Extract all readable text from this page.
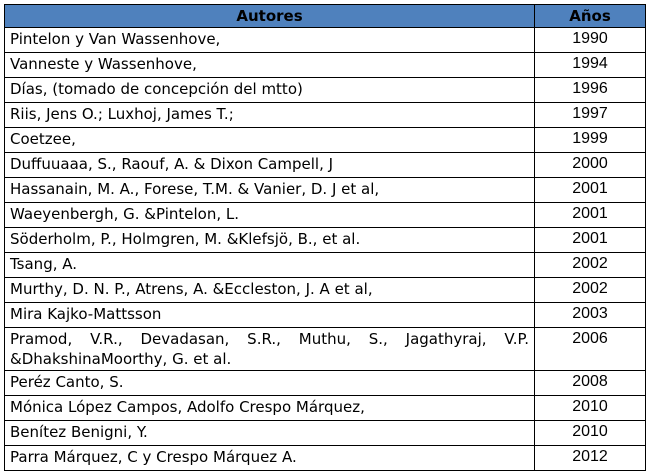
Autores	Años
Pintelon y Van Wassenhove,	1990
Vanneste y Wassenhove,	1994
Días, (tomado de concepción del mtto)	1996
Riis, Jens O.; Luxhoj, James T.;	1997
Coetzee,	1999
Duffuuaaa, S., Raouf, A. & Dixon Campell, J	2000
Hassanain, M. A., Forese, T.M. & Vanier, D. J et al,	2001
Waeyenbergh, G. &Pintelon, L.	2001
Söderholm, P., Holmgren, M. &Klefsjö, B., et al.	2001
Tsang, A.	2002
Murthy, D. N. P., Atrens, A. &Eccleston, J. A et al,	2002
Mira Kajko-Mattsson	2003
Pramod, V.R., Devadasan, S.R., Muthu, S., Jagathyraj, V.P. &DhakshinaMoorthy, G. et al.	2006
Peréz Canto, S.	2008
Mónica López Campos, Adolfo Crespo Márquez,	2010
Benítez Benigni, Y.	2010
Parra Márquez, C y Crespo Márquez A.	2012
